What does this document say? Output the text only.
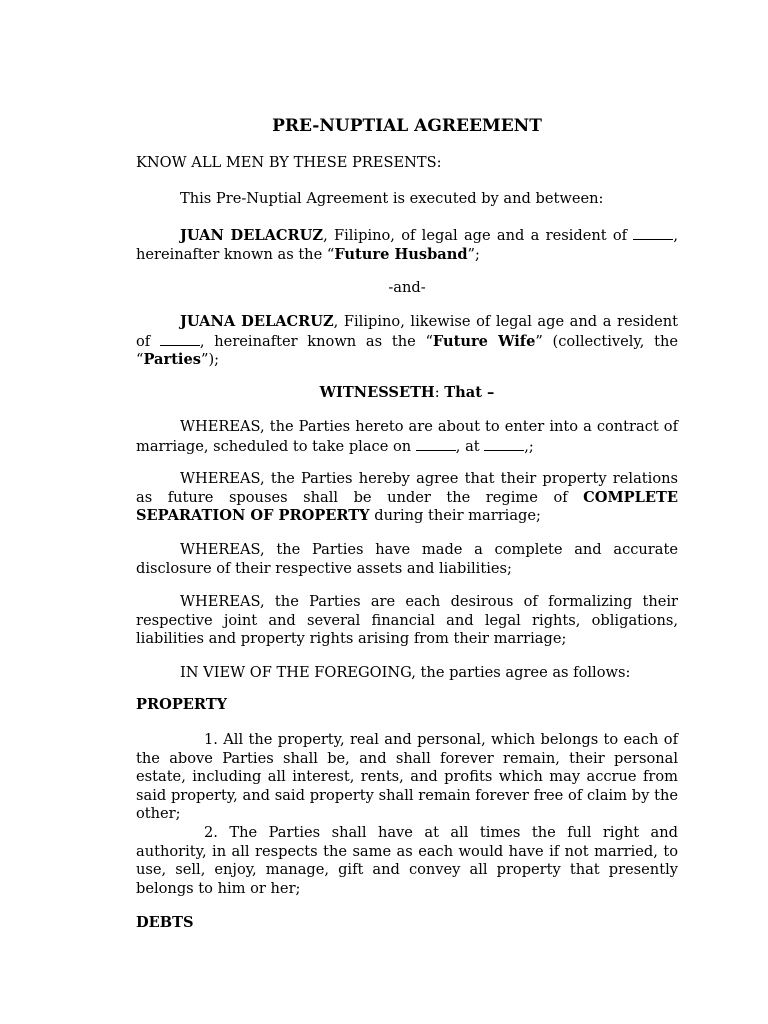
PRE-NUPTIAL AGREEMENT
KNOW ALL MEN BY THESE PRESENTS:
This Pre-Nuptial Agreement is executed by and between:
JUAN DELACRUZ, Filipino, of legal age and a resident of	, hereinafter known as the “Future Husband”;
-and-
JUANA DELACRUZ, Filipino, likewise of legal age and a resident of	, hereinafter known as the “Future Wife” (collectively, the “Parties”);
WITNESSETH: That –
WHEREAS, the Parties hereto are about to enter into a contract of marriage, scheduled to take place on	, at	,;
WHEREAS, the Parties hereby agree that their property relations as future spouses shall be under the regime of COMPLETE SEPARATION OF PROPERTY during their marriage;
WHEREAS, the Parties have made a complete and accurate disclosure of their respective assets and liabilities;
WHEREAS, the Parties are each desirous of formalizing their respective joint and several financial and legal rights, obligations, liabilities and property rights arising from their marriage;
IN VIEW OF THE FOREGOING, the parties agree as follows:
PROPERTY
1. All the property, real and personal, which belongs to each of the above Parties shall be, and shall forever remain, their personal estate, including all interest, rents, and profits which may accrue from said property, and said property shall remain forever free of claim by the other;
2. The Parties shall have at all times the full right and authority, in all respects the same as each would have if not married, to use, sell, enjoy, manage, gift and convey all property that presently belongs to him or her;
DEBTS
